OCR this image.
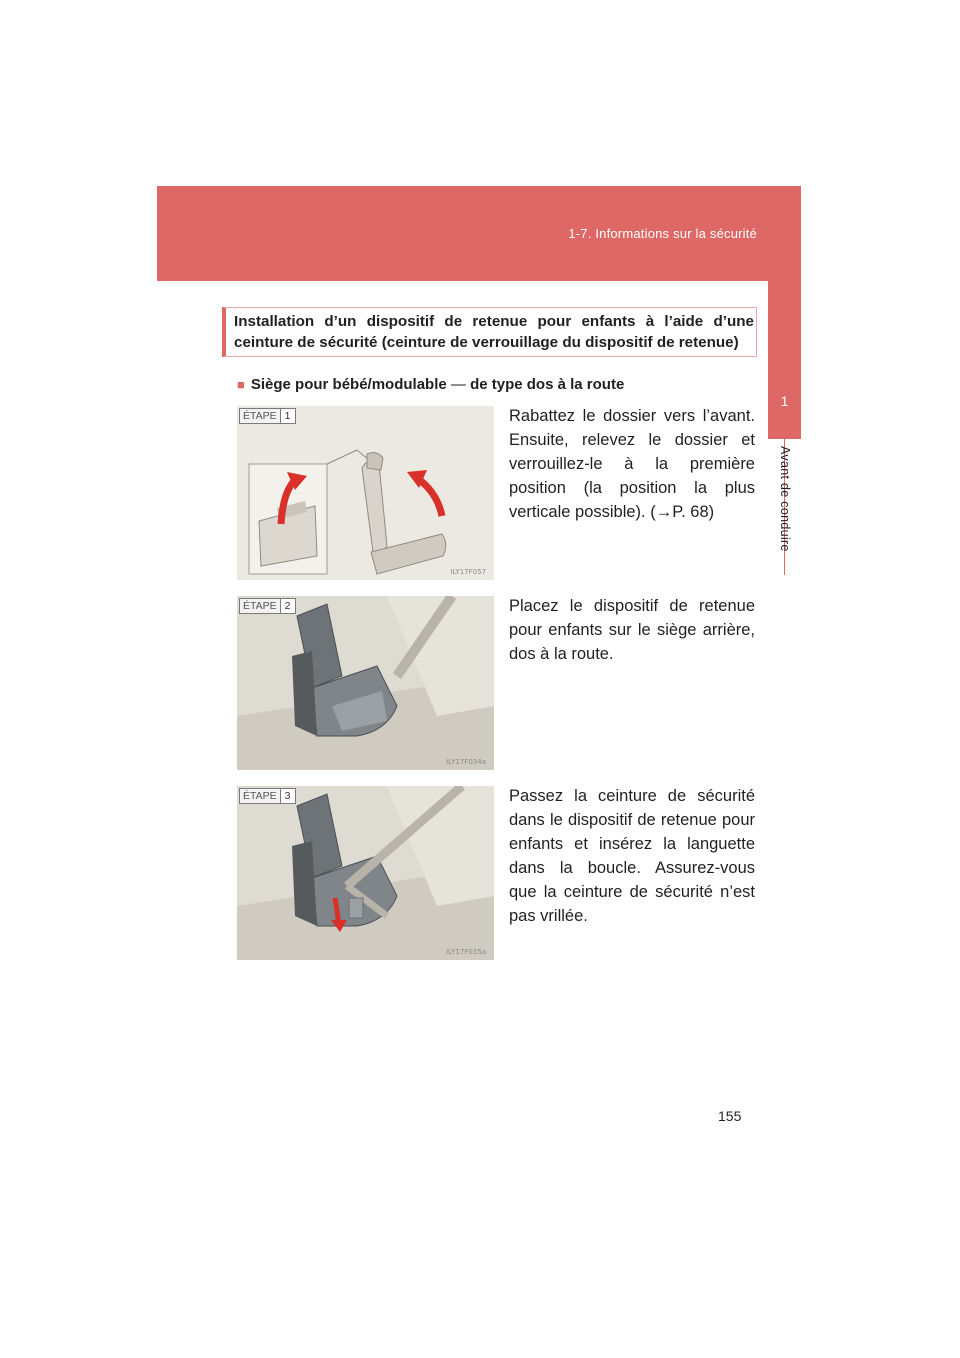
1-7. Informations sur la sécurité
1
Avant de conduire
Installation d’un dispositif de retenue pour enfants à l’aide d’une ceinture de sécurité (ceinture de verrouillage du dispositif de retenue)
■ Siège pour bébé/modulable — de type dos à la route
ÉTAPE 1
ILY17F057
Rabattez le dossier vers l’avant. Ensuite, relevez le dossier et verrouillez-le à la première position (la position la plus verticale possible). (→P. 68)
ÉTAPE 2
ILY17F034a
Placez le dispositif de retenue pour enfants sur le siège arrière, dos à la route.
ÉTAPE 3
ILY17F035a
Passez la ceinture de sécurité dans le dispositif de retenue pour enfants et insérez la languette dans la boucle. Assurez-vous que la ceinture de sécurité n’est pas vrillée.
155
